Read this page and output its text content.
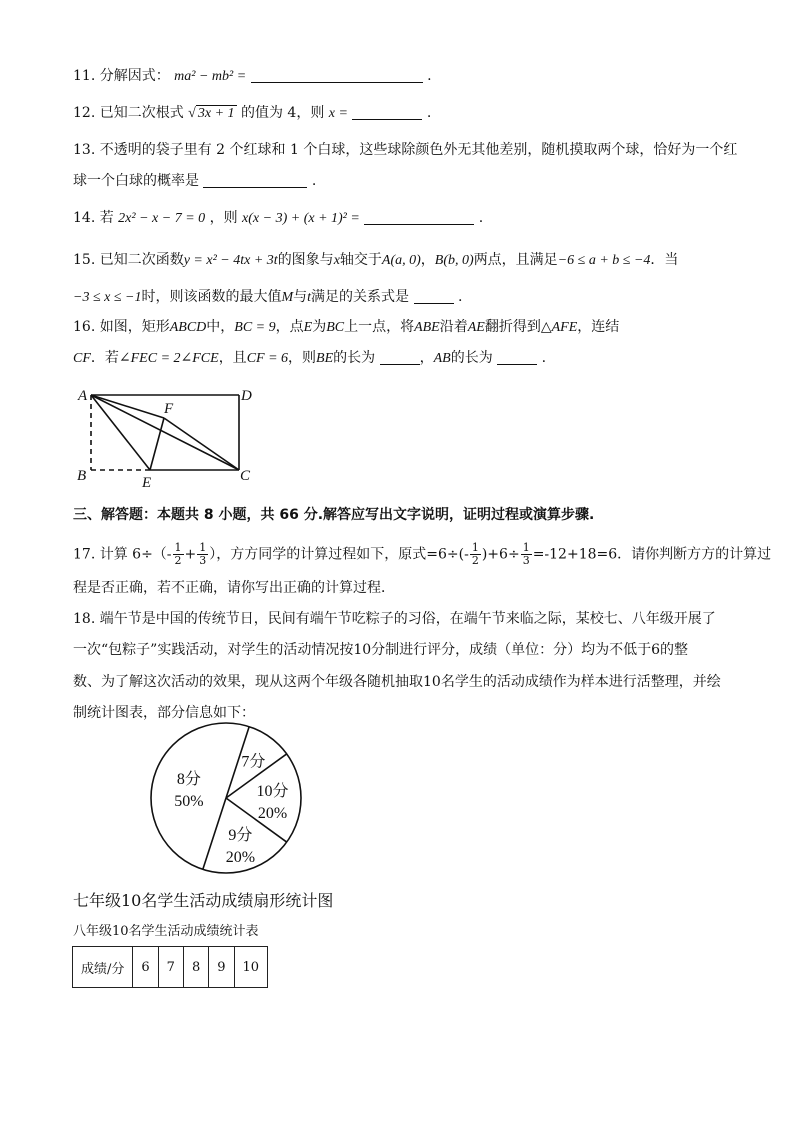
11. 分解因式： ma² − mb² =	.
12. 已知二次根式 √ 3x + 1 的值为 4，则 x =	.
13. 不透明的袋子里有 2 个红球和 1 个白球，这些球除颜色外无其他差别，随机摸取两个球，恰好为一个红
球一个白球的概率是	.
14. 若 2x² − x − 7 = 0 ，则 x(x − 3) + (x + 1)² =	.
15. 已知二次函数y = x² − 4tx + 3t的图象与x轴交于A(a, 0)，B(b, 0)两点，且满足−6 ≤ a + b ≤ −4．当
−3 ≤ x ≤ −1时，则该函数的最大值M与t满足的关系式是	.
16. 如图，矩形ABCD中，BC = 9，点E为BC上一点，将ABE沿着AE翻折得到△AFE，连结
CF．若∠FEC = 2∠FCE，且CF = 6，则BE的长为	，AB的长为	.
A	D
F
B	C
E
三、解答题：本题共 8 小题，共 66 分.解答应写出文字说明，证明过程或演算步骤.
17. 计算 $6\div(- \frac{1}{2} + \frac{1}{3}$ ），方方同学的计算过程如下，原式$=6\div(- \frac{1}{2} )+6\div \frac{1}{3} =-12+18=6$．请你判断方方的计算过
程是否正确，若不正确，请你写出正确的计算过程．
18. 端午节是中国的传统节日，民间有端午节吃粽子的习俗，在端午节来临之际，某校七、八年级开展了
一次“包粽子”实践活动，对学生的活动情况按10分制进行评分，成绩（单位：分）均为不低于6的整
数、为了解这次活动的效果，现从这两个年级各随机抽取10名学生的活动成绩作为样本进行活整理，并绘
制统计图表，部分信息如下：
8分
50%
7分
10分
20%
9分
20%
七年级10名学生活动成绩扇形统计图
八年级10名学生活动成绩统计表
成绩/分	6	7	8	9	10
